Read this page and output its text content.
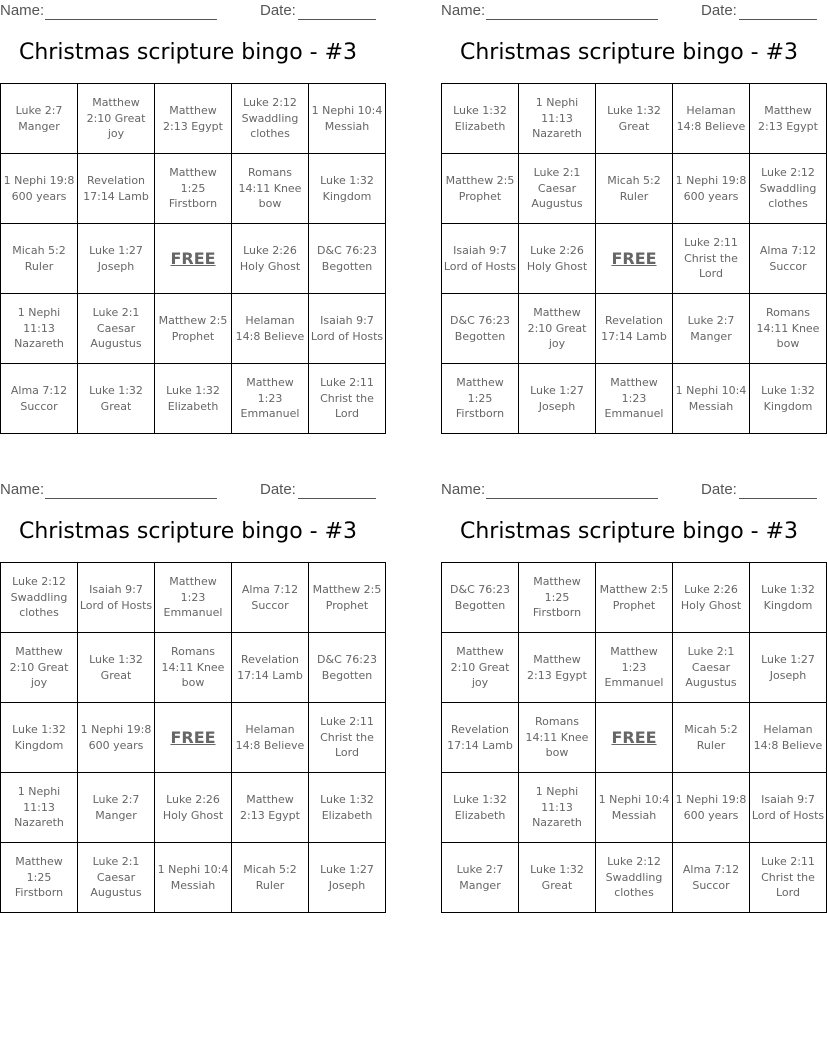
Name:	Date:
Christmas scripture bingo - #3
Luke 2:7 Manger	Matthew 2:10 Great joy	Matthew 2:13 Egypt	Luke 2:12 Swaddling clothes	1 Nephi 10:4 Messiah
1 Nephi 19:8 600 years	Revelation 17:14 Lamb	Matthew 1:25 Firstborn	Romans 14:11 Knee bow	Luke 1:32 Kingdom
Micah 5:2 Ruler	Luke 1:27 Joseph	FREE	Luke 2:26 Holy Ghost	D&C 76:23 Begotten
1 Nephi 11:13 Nazareth	Luke 2:1 Caesar Augustus	Matthew 2:5 Prophet	Helaman 14:8 Believe	Isaiah 9:7 Lord of Hosts
Alma 7:12 Succor	Luke 1:32 Great	Luke 1:32 Elizabeth	Matthew 1:23 Emmanuel	Luke 2:11 Christ the Lord
Name:	Date:
Christmas scripture bingo - #3
Luke 1:32 Elizabeth	1 Nephi 11:13 Nazareth	Luke 1:32 Great	Helaman 14:8 Believe	Matthew 2:13 Egypt
Matthew 2:5 Prophet	Luke 2:1 Caesar Augustus	Micah 5:2 Ruler	1 Nephi 19:8 600 years	Luke 2:12 Swaddling clothes
Isaiah 9:7 Lord of Hosts	Luke 2:26 Holy Ghost	FREE	Luke 2:11 Christ the Lord	Alma 7:12 Succor
D&C 76:23 Begotten	Matthew 2:10 Great joy	Revelation 17:14 Lamb	Luke 2:7 Manger	Romans 14:11 Knee bow
Matthew 1:25 Firstborn	Luke 1:27 Joseph	Matthew 1:23 Emmanuel	1 Nephi 10:4 Messiah	Luke 1:32 Kingdom
Name:	Date:
Christmas scripture bingo - #3
Luke 2:12 Swaddling clothes	Isaiah 9:7 Lord of Hosts	Matthew 1:23 Emmanuel	Alma 7:12 Succor	Matthew 2:5 Prophet
Matthew 2:10 Great joy	Luke 1:32 Great	Romans 14:11 Knee bow	Revelation 17:14 Lamb	D&C 76:23 Begotten
Luke 1:32 Kingdom	1 Nephi 19:8 600 years	FREE	Helaman 14:8 Believe	Luke 2:11 Christ the Lord
1 Nephi 11:13 Nazareth	Luke 2:7 Manger	Luke 2:26 Holy Ghost	Matthew 2:13 Egypt	Luke 1:32 Elizabeth
Matthew 1:25 Firstborn	Luke 2:1 Caesar Augustus	1 Nephi 10:4 Messiah	Micah 5:2 Ruler	Luke 1:27 Joseph
Name:	Date:
Christmas scripture bingo - #3
D&C 76:23 Begotten	Matthew 1:25 Firstborn	Matthew 2:5 Prophet	Luke 2:26 Holy Ghost	Luke 1:32 Kingdom
Matthew 2:10 Great joy	Matthew 2:13 Egypt	Matthew 1:23 Emmanuel	Luke 2:1 Caesar Augustus	Luke 1:27 Joseph
Revelation 17:14 Lamb	Romans 14:11 Knee bow	FREE	Micah 5:2 Ruler	Helaman 14:8 Believe
Luke 1:32 Elizabeth	1 Nephi 11:13 Nazareth	1 Nephi 10:4 Messiah	1 Nephi 19:8 600 years	Isaiah 9:7 Lord of Hosts
Luke 2:7 Manger	Luke 1:32 Great	Luke 2:12 Swaddling clothes	Alma 7:12 Succor	Luke 2:11 Christ the Lord
